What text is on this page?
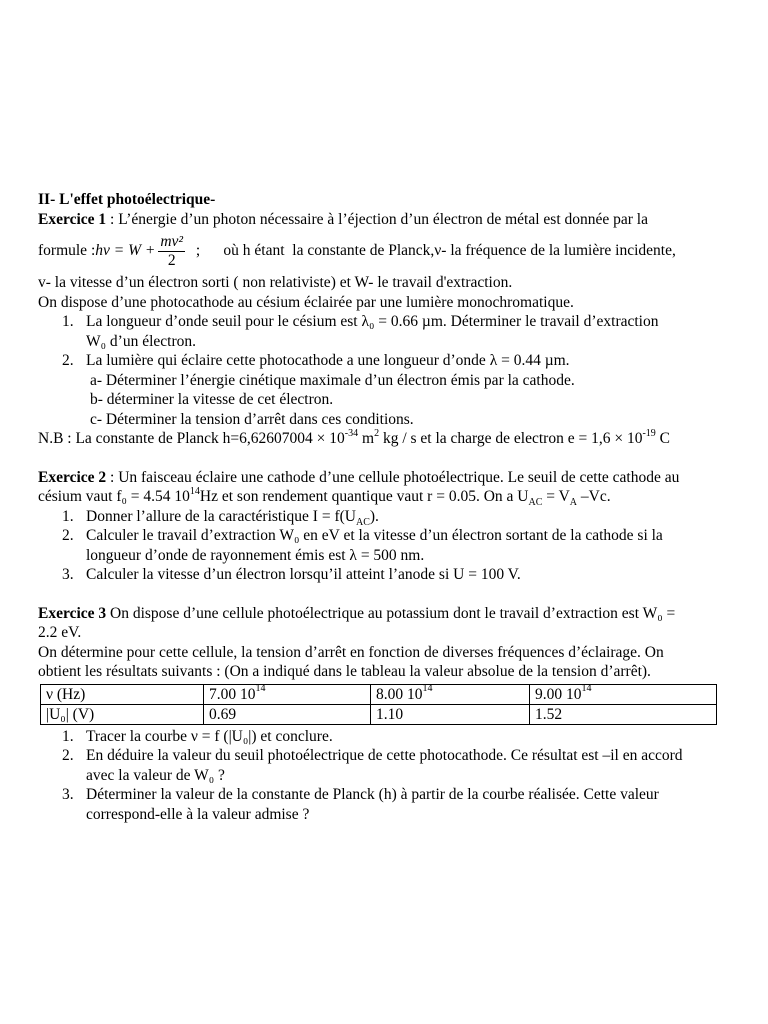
II- L'effet photoélectrique-
Exercice 1 : L’énergie d’un photon nécessaire à l’éjection d’un électron de métal est donnée par la
formule : $h\nu = W + \frac{\text{mv²}}{2}$ ;      où h étant  la constante de Planck,ν- la fréquence de la lumière incidente,
v- la vitesse d’un électron sorti ( non relativiste) et W- le travail d'extraction.
On dispose d’une photocathode au césium éclairée par une lumière monochromatique.
1. La longueur d’onde seuil pour le césium est λ₀ = 0.66 µm. Déterminer le travail d’extraction
W₀ d’un électron.
2. La lumière qui éclaire cette photocathode a une longueur d’onde λ = 0.44 µm.
a- Déterminer l’énergie cinétique maximale d’un électron émis par la cathode.
b- déterminer la vitesse de cet électron.
c- Déterminer la tension d’arrêt dans ces conditions.
N.B : La constante de Planck $h=6,62607004 \times 10^{-34}$ $m^2$ kg / s et la charge de electron $e = 1,6 \times 10^{-19}$ C
Exercice 2 : Un faisceau éclaire une cathode d’une cellule photoélectrique. Le seuil de cette cathode au
césium vaut f₀ = 4.54 $10^{14}Hz$ et son rendement quantique vaut r = 0.05. On a $U_{AC} = V_A$ –Vc.
1. Donner l’allure de la caractéristique $I = f(U_{AC})$.
2. Calculer le travail d’extraction W₀ en eV et la vitesse d’un électron sortant de la cathode si la
longueur d’onde de rayonnement émis est λ = 500 nm.
3. Calculer la vitesse d’un électron lorsqu’il atteint l’anode si U = 100 V.
Exercice 3 On dispose d’une cellule photoélectrique au potassium dont le travail d’extraction est W₀ =
2.2 eV.
On détermine pour cette cellule, la tension d’arrêt en fonction de diverses fréquences d’éclairage. On
obtient les résultats suivants : (On a indiqué dans le tableau la valeur absolue de la tension d’arrêt).
ν (Hz)	7.00 $10^{14}$	8.00 $10^{14}$	9.00 $10^{14}$
|U₀| (V)	0.69	1.10	1.52
1. Tracer la courbe ν = f (|U₀|) et conclure.
2. En déduire la valeur du seuil photoélectrique de cette photocathode. Ce résultat est –il en accord
avec la valeur de W₀ ?
3. Déterminer la valeur de la constante de Planck (h) à partir de la courbe réalisée. Cette valeur
correspond-elle à la valeur admise ?
